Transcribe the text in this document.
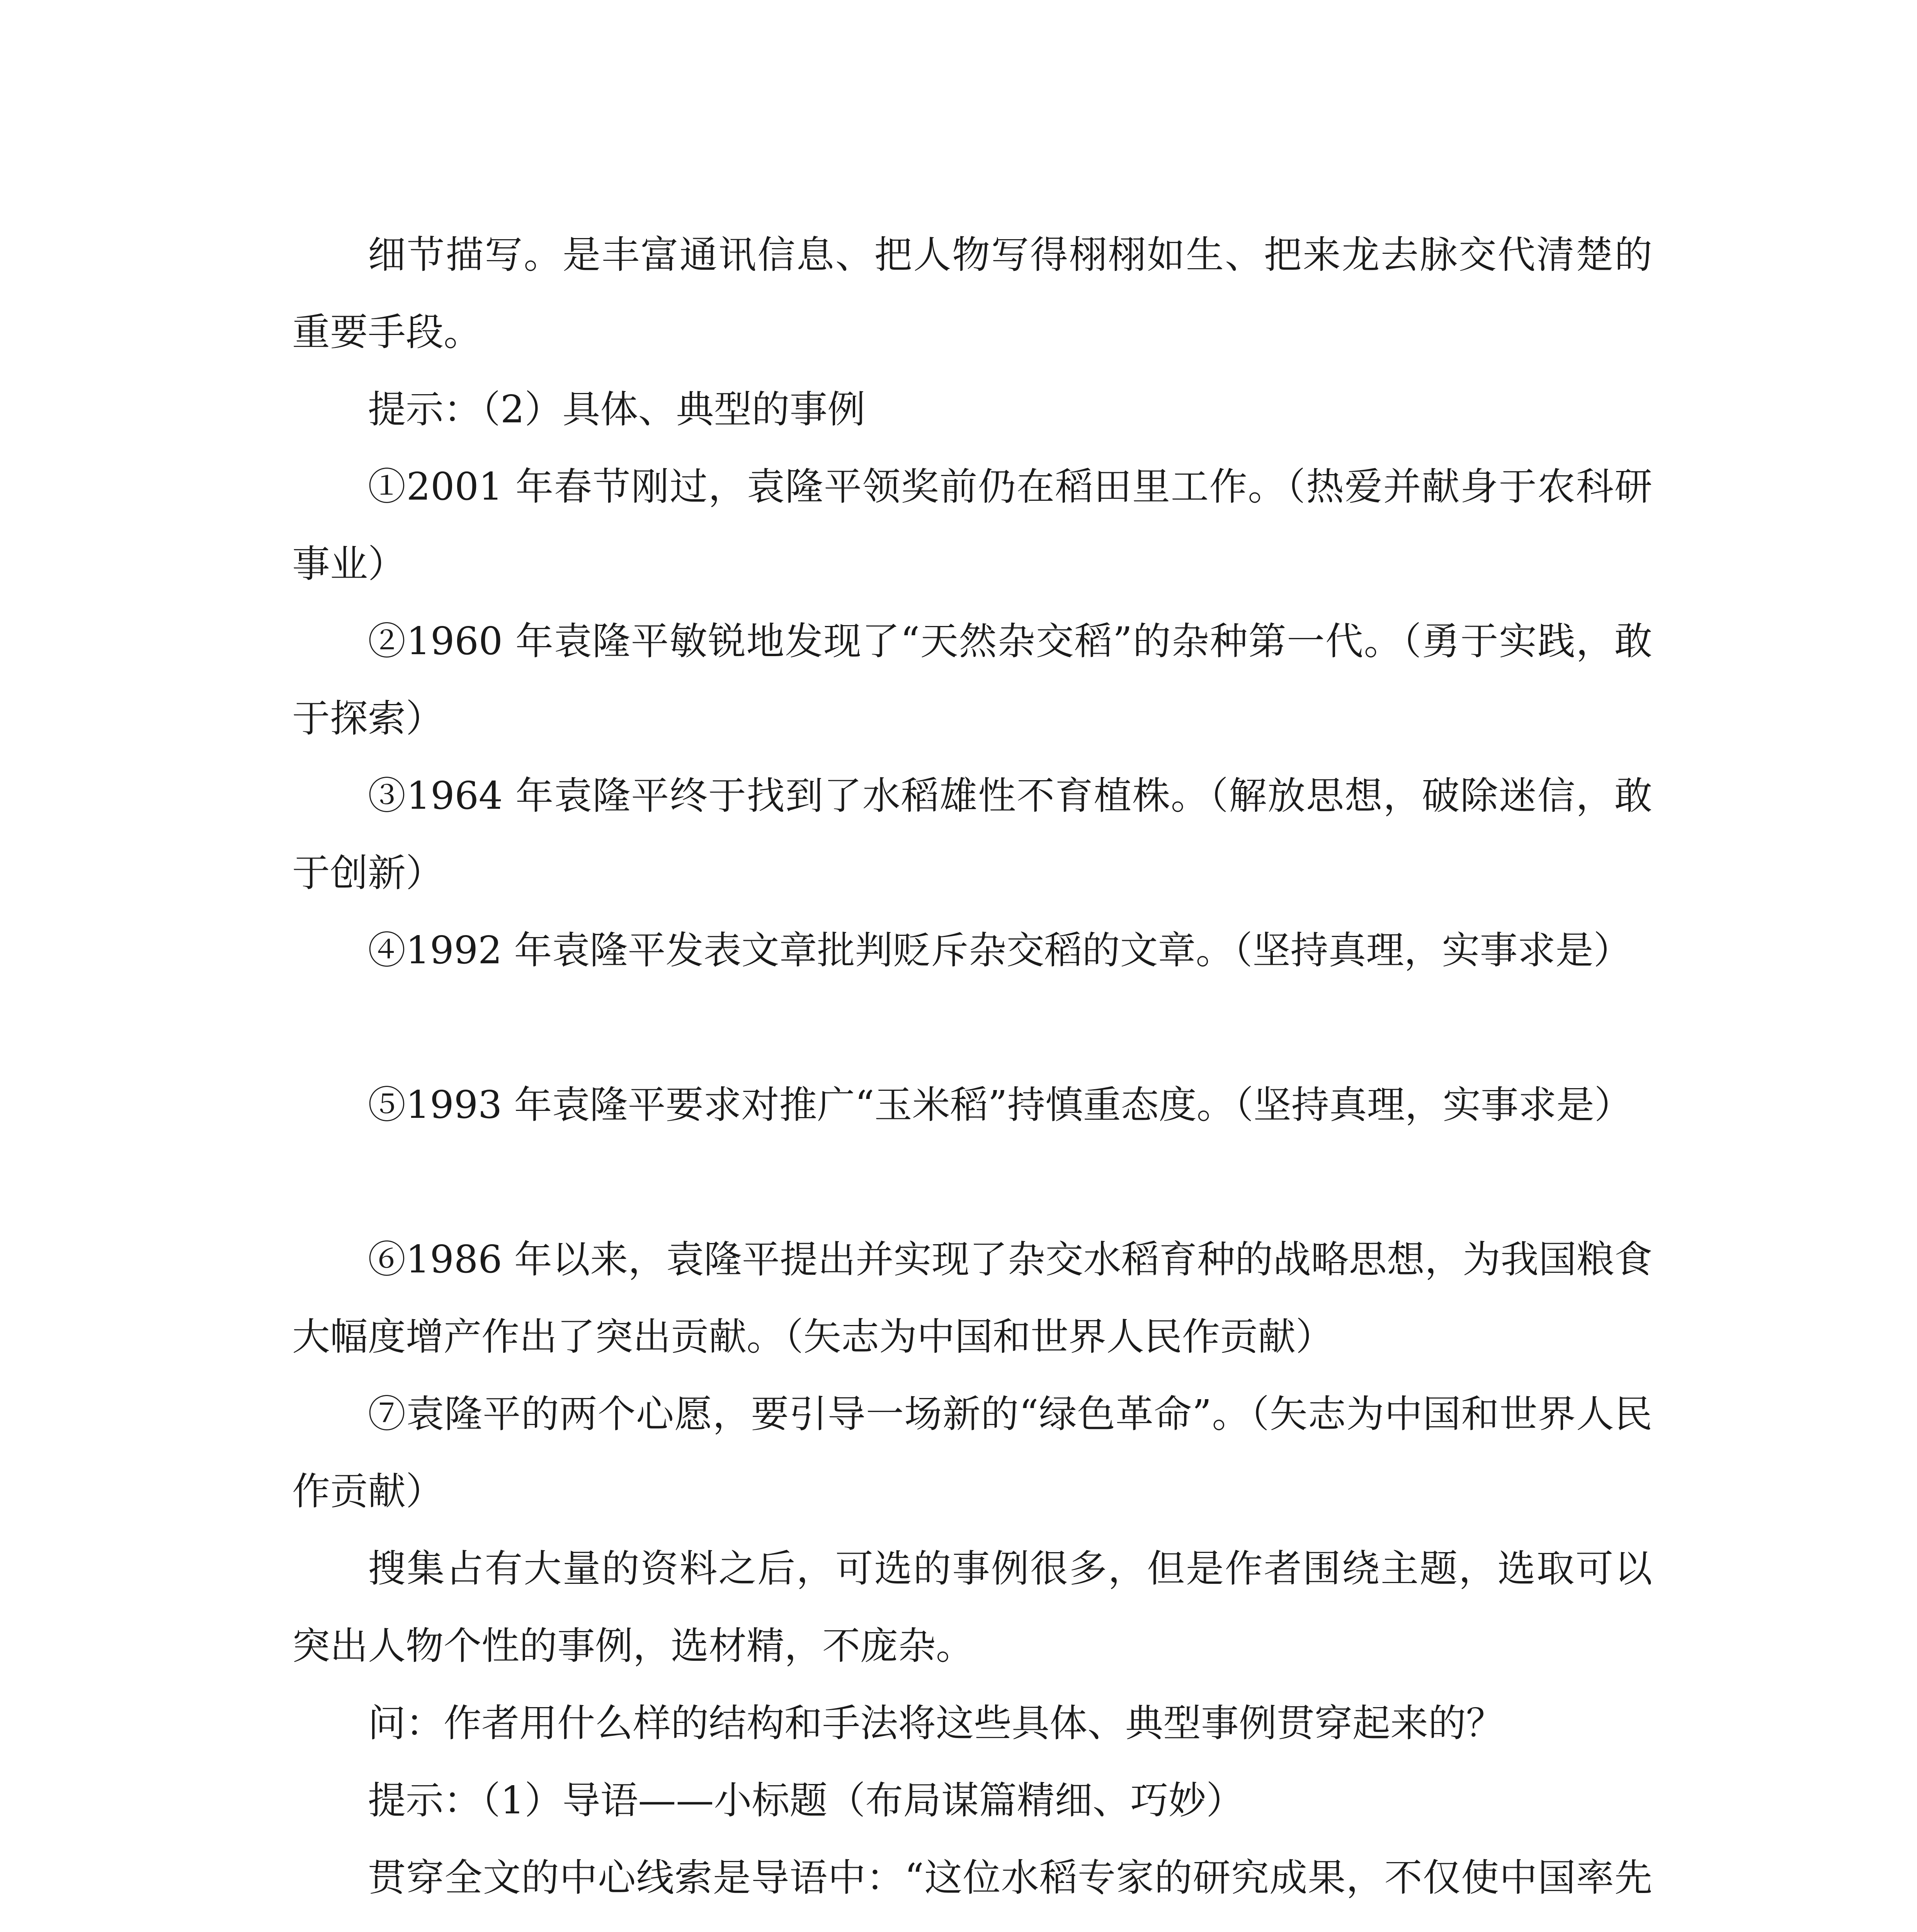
细节描写。是丰富通讯信息、把人物写得栩栩如生、把来龙去脉交代清楚的重要手段。

提示：（2）具体、典型的事例

①2001 年春节刚过，袁隆平领奖前仍在稻田里工作。（热爱并献身于农科研事业）

②1960 年袁隆平敏锐地发现了“天然杂交稻”的杂种第一代。（勇于实践，敢于探索）

③1964 年袁隆平终于找到了水稻雄性不育植株。（解放思想，破除迷信，敢于创新）

④1992 年袁隆平发表文章批判贬斥杂交稻的文章。（坚持真理，实事求是）

⑤1993 年袁隆平要求对推广“玉米稻”持慎重态度。（坚持真理，实事求是）

⑥1986 年以来，袁隆平提出并实现了杂交水稻育种的战略思想，为我国粮食大幅度增产作出了突出贡献。（矢志为中国和世界人民作贡献）

⑦袁隆平的两个心愿，要引导一场新的“绿色革命”。（矢志为中国和世界人民作贡献）

搜集占有大量的资料之后，可选的事例很多，但是作者围绕主题，选取可以突出人物个性的事例，选材精，不庞杂。

问：作者用什么样的结构和手法将这些具体、典型事例贯穿起来的？

提示：（1）导语——小标题（布局谋篇精细、巧妙）

贯穿全文的中心线索是导语中：“这位水稻专家的研究成果，不仅使中国率先
